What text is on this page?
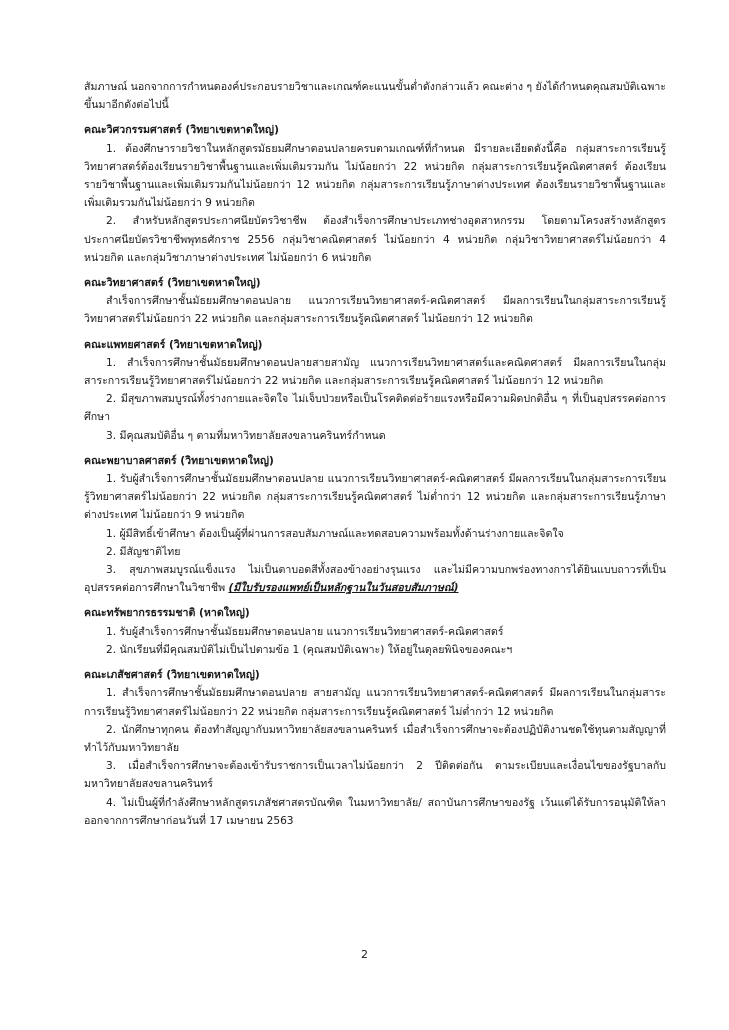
สัมภาษณ์ นอกจากการกำหนดองค์ประกอบรายวิชาและเกณฑ์คะแนนขั้นต่ำดังกล่าวแล้ว คณะต่าง ๆ ยังได้กำหนดคุณสมบัติเฉพาะขึ้นมาอีกดังต่อไปนี้

คณะวิศวกรรมศาสตร์ (วิทยาเขตหาดใหญ่)

1. ต้องศึกษารายวิชาในหลักสูตรมัธยมศึกษาตอนปลายครบตามเกณฑ์ที่กำหนด มีรายละเอียดดังนี้คือ กลุ่มสาระการเรียนรู้วิทยาศาสตร์ต้องเรียนรายวิชาพื้นฐานและเพิ่มเติมรวมกัน ไม่น้อยกว่า 22 หน่วยกิต กลุ่มสาระการเรียนรู้คณิตศาสตร์ ต้องเรียนรายวิชาพื้นฐานและเพิ่มเติมรวมกันไม่น้อยกว่า 12 หน่วยกิต กลุ่มสาระการเรียนรู้ภาษาต่างประเทศ ต้องเรียนรายวิชาพื้นฐานและเพิ่มเติมรวมกันไม่น้อยกว่า 9 หน่วยกิต

2. สำหรับหลักสูตรประกาศนียบัตรวิชาชีพ ต้องสำเร็จการศึกษาประเภทช่างอุตสาหกรรม โดยตามโครงสร้างหลักสูตรประกาศนียบัตรวิชาชีพพุทธศักราช 2556 กลุ่มวิชาคณิตศาสตร์ ไม่น้อยกว่า 4 หน่วยกิต กลุ่มวิชาวิทยาศาสตร์ไม่น้อยกว่า 4 หน่วยกิต และกลุ่มวิชาภาษาต่างประเทศ ไม่น้อยกว่า 6 หน่วยกิต

คณะวิทยาศาสตร์ (วิทยาเขตหาดใหญ่)

สำเร็จการศึกษาชั้นมัธยมศึกษาตอนปลาย แนวการเรียนวิทยาศาสตร์-คณิตศาสตร์ มีผลการเรียนในกลุ่มสาระการเรียนรู้วิทยาศาสตร์ไม่น้อยกว่า 22 หน่วยกิต และกลุ่มสาระการเรียนรู้คณิตศาสตร์ ไม่น้อยกว่า 12 หน่วยกิต

คณะแพทยศาสตร์ (วิทยาเขตหาดใหญ่)

1. สำเร็จการศึกษาชั้นมัธยมศึกษาตอนปลายสายสามัญ แนวการเรียนวิทยาศาสตร์และคณิตศาสตร์ มีผลการเรียนในกลุ่มสาระการเรียนรู้วิทยาศาสตร์ไม่น้อยกว่า 22 หน่วยกิต และกลุ่มสาระการเรียนรู้คณิตศาสตร์ ไม่น้อยกว่า 12 หน่วยกิต

2. มีสุขภาพสมบูรณ์ทั้งร่างกายและจิตใจ ไม่เจ็บป่วยหรือเป็นโรคติดต่อร้ายแรงหรือมีความผิดปกติอื่น ๆ ที่เป็นอุปสรรคต่อการศึกษา

3. มีคุณสมบัติอื่น ๆ ตามที่มหาวิทยาลัยสงขลานครินทร์กำหนด

คณะพยาบาลศาสตร์ (วิทยาเขตหาดใหญ่)

1. รับผู้สำเร็จการศึกษาชั้นมัธยมศึกษาตอนปลาย แนวการเรียนวิทยาศาสตร์-คณิตศาสตร์ มีผลการเรียนในกลุ่มสาระการเรียนรู้วิทยาศาสตร์ไม่น้อยกว่า 22 หน่วยกิต กลุ่มสาระการเรียนรู้คณิตศาสตร์ ไม่ต่ำกว่า 12 หน่วยกิต และกลุ่มสาระการเรียนรู้ภาษาต่างประเทศ ไม่น้อยกว่า 9 หน่วยกิต

1. ผู้มีสิทธิ์เข้าศึกษา ต้องเป็นผู้ที่ผ่านการสอบสัมภาษณ์และทดสอบความพร้อมทั้งด้านร่างกายและจิตใจ

2. มีสัญชาติไทย

3. สุขภาพสมบูรณ์แข็งแรง ไม่เป็นตาบอดสีทั้งสองข้างอย่างรุนแรง และไม่มีความบกพร่องทางการได้ยินแบบถาวรที่เป็นอุปสรรคต่อการศึกษาในวิชาชีพ (มีใบรับรองแพทย์เป็นหลักฐานในวันสอบสัมภาษณ์)

คณะทรัพยากรธรรมชาติ (หาดใหญ่)

1. รับผู้สำเร็จการศึกษาชั้นมัธยมศึกษาตอนปลาย แนวการเรียนวิทยาศาสตร์-คณิตศาสตร์

2. นักเรียนที่มีคุณสมบัติไม่เป็นไปตามข้อ 1 (คุณสมบัติเฉพาะ) ให้อยู่ในดุลยพินิจของคณะฯ

คณะเภสัชศาสตร์ (วิทยาเขตหาดใหญ่)

1. สำเร็จการศึกษาชั้นมัธยมศึกษาตอนปลาย สายสามัญ แนวการเรียนวิทยาศาสตร์-คณิตศาสตร์ มีผลการเรียนในกลุ่มสาระการเรียนรู้วิทยาศาสตร์ไม่น้อยกว่า 22 หน่วยกิต กลุ่มสาระการเรียนรู้คณิตศาสตร์ ไม่ต่ำกว่า 12 หน่วยกิต

2. นักศึกษาทุกคน ต้องทำสัญญากับมหาวิทยาลัยสงขลานครินทร์ เมื่อสำเร็จการศึกษาจะต้องปฏิบัติงานชดใช้ทุนตามสัญญาที่ทำไว้กับมหาวิทยาลัย

3. เมื่อสำเร็จการศึกษาจะต้องเข้ารับราชการเป็นเวลาไม่น้อยกว่า 2 ปีติดต่อกัน ตามระเบียบและเงื่อนไขของรัฐบาลกับมหาวิทยาลัยสงขลานครินทร์

4. ไม่เป็นผู้ที่กำลังศึกษาหลักสูตรเภสัชศาสตรบัณฑิต ในมหาวิทยาลัย/ สถาบันการศึกษาของรัฐ เว้นแต่ได้รับการอนุมัติให้ลาออกจากการศึกษาก่อนวันที่ 17 เมษายน 2563

2
